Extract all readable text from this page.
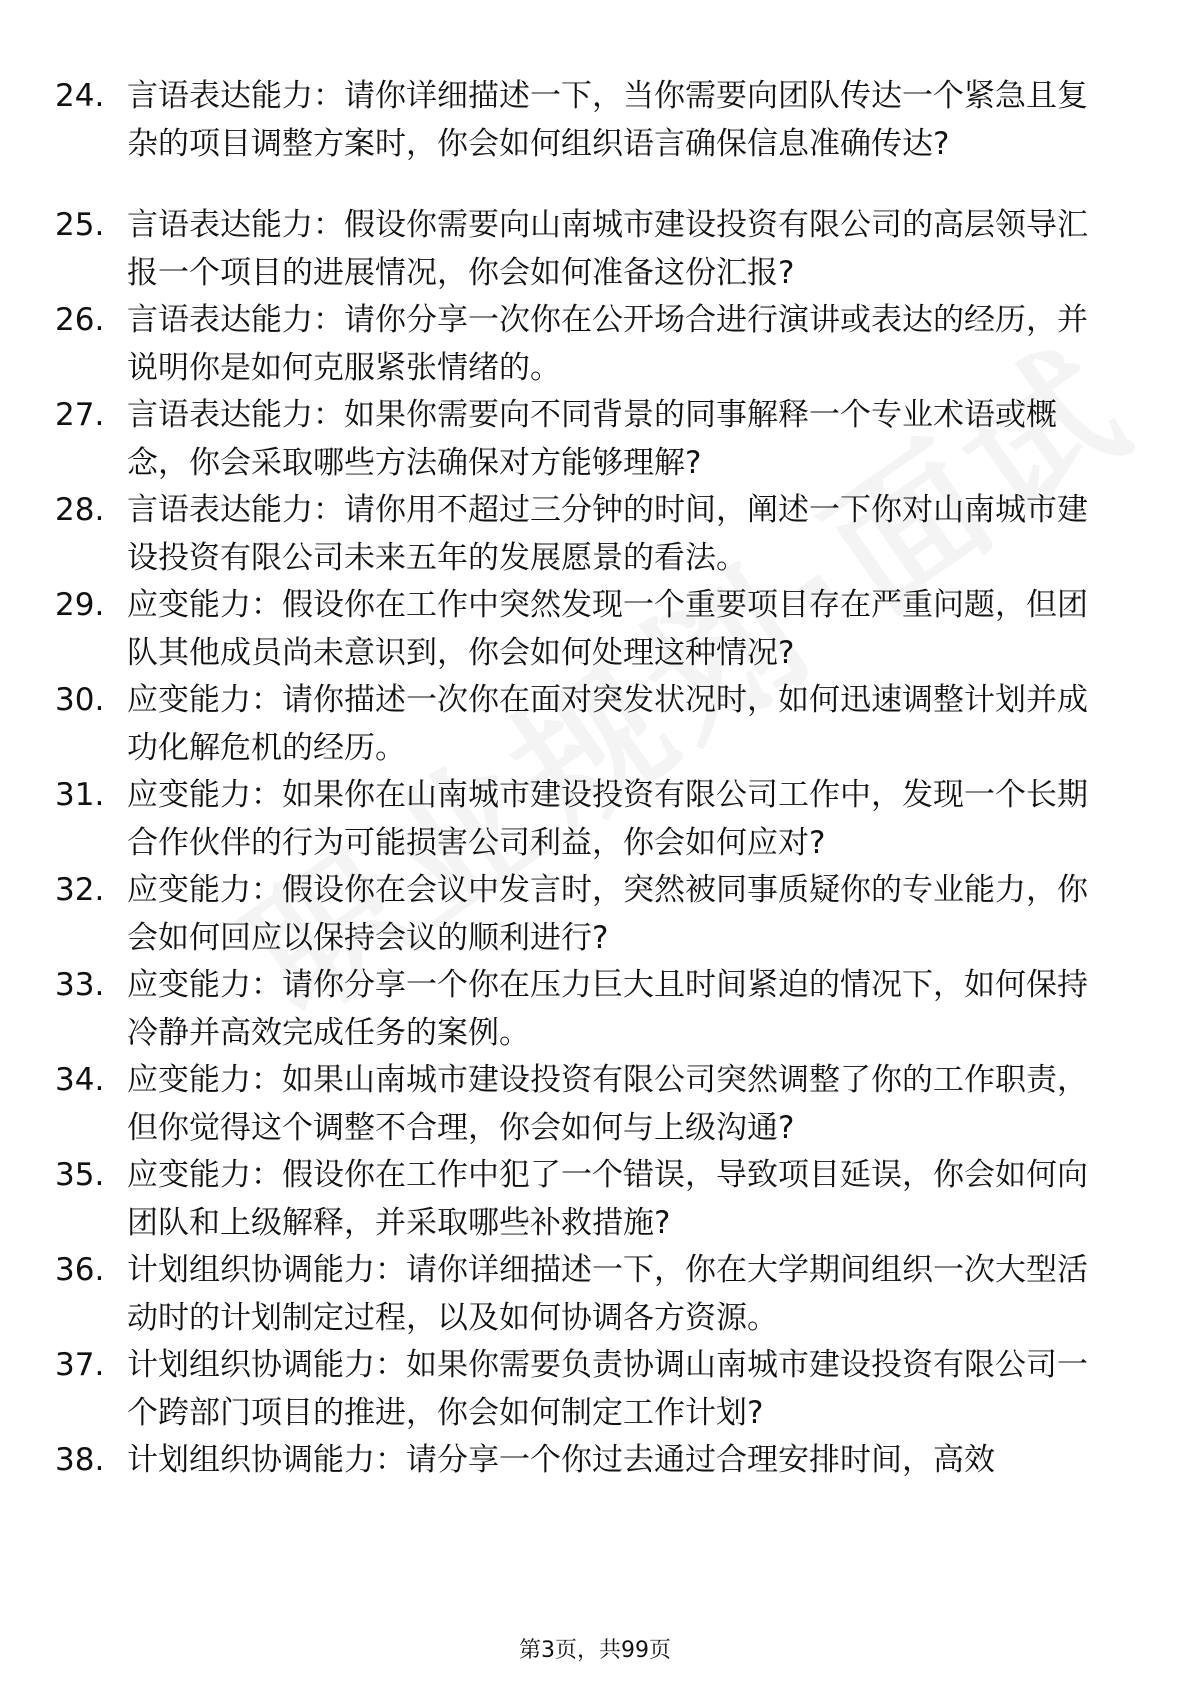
24. 言语表达能力：请你详细描述一下，当你需要向团队传达一个紧急且复杂的项目调整方案时，你会如何组织语言确保信息准确传达?
25. 言语表达能力：假设你需要向山南城市建设投资有限公司的高层领导汇报一个项目的进展情况，你会如何准备这份汇报?
26. 言语表达能力：请你分享一次你在公开场合进行演讲或表达的经历，并说明你是如何克服紧张情绪的。
27. 言语表达能力：如果你需要向不同背景的同事解释一个专业术语或概念，你会采取哪些方法确保对方能够理解?
28. 言语表达能力：请你用不超过三分钟的时间，阐述一下你对山南城市建设投资有限公司未来五年的发展愿景的看法。
29. 应变能力：假设你在工作中突然发现一个重要项目存在严重问题，但团队其他成员尚未意识到，你会如何处理这种情况?
30. 应变能力：请你描述一次你在面对突发状况时，如何迅速调整计划并成功化解危机的经历。
31. 应变能力：如果你在山南城市建设投资有限公司工作中，发现一个长期合作伙伴的行为可能损害公司利益，你会如何应对?
32. 应变能力：假设你在会议中发言时，突然被同事质疑你的专业能力，你会如何回应以保持会议的顺利进行?
33. 应变能力：请你分享一个你在压力巨大且时间紧迫的情况下，如何保持冷静并高效完成任务的案例。
34. 应变能力：如果山南城市建设投资有限公司突然调整了你的工作职责，但你觉得这个调整不合理，你会如何与上级沟通?
35. 应变能力：假设你在工作中犯了一个错误，导致项目延误，你会如何向团队和上级解释，并采取哪些补救措施?
36. 计划组织协调能力：请你详细描述一下，你在大学期间组织一次大型活动时的计划制定过程，以及如何协调各方资源。
37. 计划组织协调能力：如果你需要负责协调山南城市建设投资有限公司一个跨部门项目的推进，你会如何制定工作计划?
38. 计划组织协调能力：请分享一个你过去通过合理安排时间，高效
第3页，共99页
